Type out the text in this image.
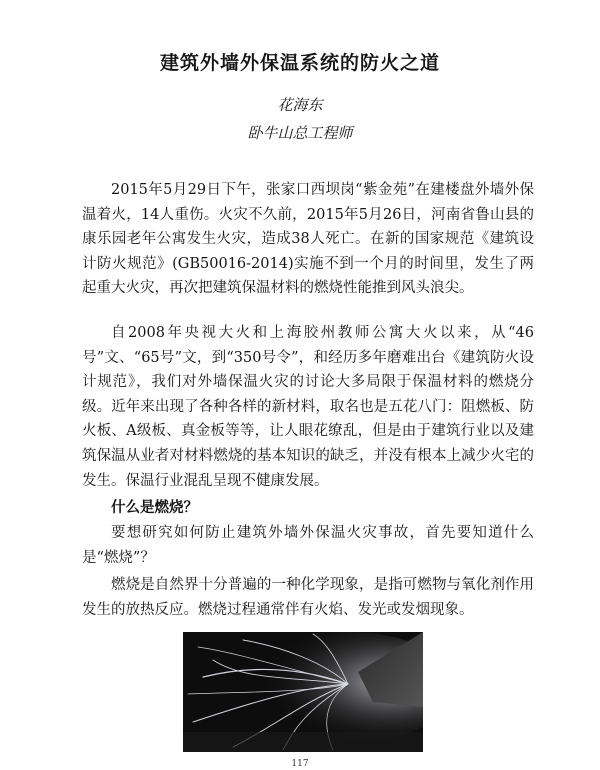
建筑外墙外保温系统的防火之道
花海东
卧牛山总工程师

2015年5月29日下午，张家口西坝岗“紫金苑”在建楼盘外墙外保温着火，14人重伤。火灾不久前，2015年5月26日，河南省鲁山县的康乐园老年公寓发生火灾，造成38人死亡。在新的国家规范《建筑设计防火规范》(GB50016-2014)实施不到一个月的时间里，发生了两起重大火灾，再次把建筑保温材料的燃烧性能推到风头浪尖。

自2008年央视大火和上海胶州教师公寓大火以来，从“46号”文、“65号”文，到“350号令”，和经历多年磨难出台《建筑防火设计规范》，我们对外墙保温火灾的讨论大多局限于保温材料的燃烧分级。近年来出现了各种各样的新材料，取名也是五花八门：阻燃板、防火板、A级板、真金板等等，让人眼花缭乱，但是由于建筑行业以及建筑保温从业者对材料燃烧的基本知识的缺乏，并没有根本上减少火宅的发生。保温行业混乱呈现不健康发展。

什么是燃烧？

要想研究如何防止建筑外墙外保温火灾事故，首先要知道什么是“燃烧”？

燃烧是自然界十分普遍的一种化学现象，是指可燃物与氧化剂作用发生的放热反应。燃烧过程通常伴有火焰、发光或发烟现象。

117
